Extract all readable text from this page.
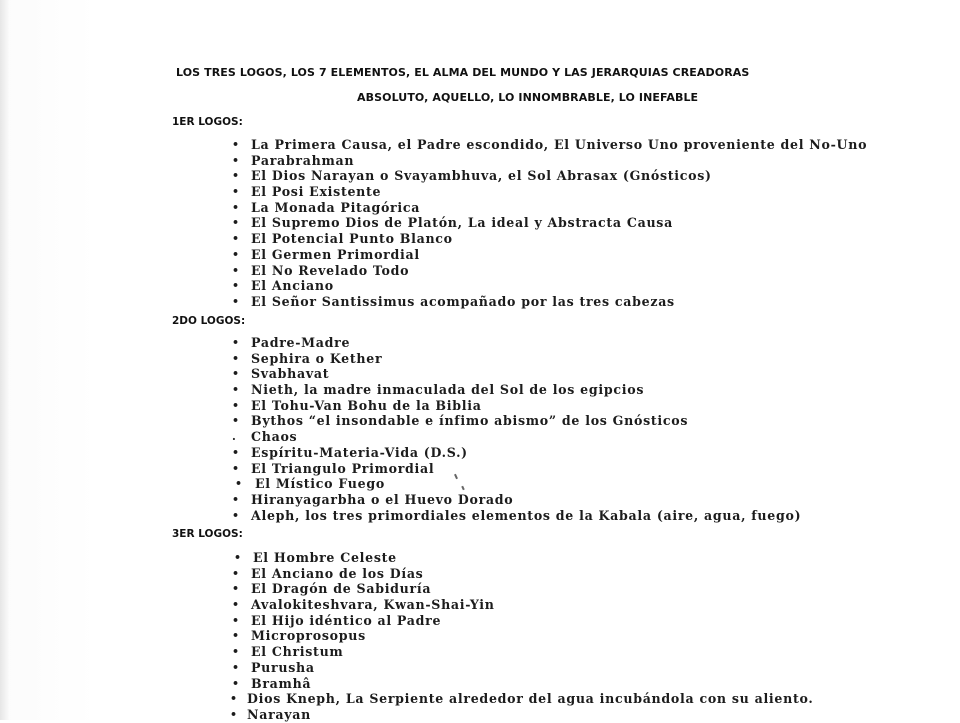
LOS TRES LOGOS, LOS 7 ELEMENTOS, EL ALMA DEL MUNDO Y LAS JERARQUIAS CREADORAS
ABSOLUTO, AQUELLO, LO INNOMBRABLE, LO INEFABLE
1ER LOGOS:
• La Primera Causa, el Padre escondido, El Universo Uno proveniente del No-Uno
• Parabrahman
• El Dios Narayan o Svayambhuva, el Sol Abrasax (Gnósticos)
• El Posi Existente
• La Monada Pitagórica
• El Supremo Dios de Platón, La ideal y Abstracta Causa
• El Potencial Punto Blanco
• El Germen Primordial
• El No Revelado Todo
• El Anciano
• El Señor Santissimus acompañado por las tres cabezas
2DO LOGOS:
• Padre-Madre
• Sephira o Kether
• Svabhavat
• Nieth, la madre inmaculada del Sol de los egipcios
• El Tohu-Van Bohu de la Biblia
• Bythos “el insondable e ínfimo abismo” de los Gnósticos
.	Chaos
• Espíritu-Materia-Vida (D.S.)
• El Triangulo Primordial
• El Místico Fuego
• Hiranyagarbha o el Huevo Dorado
• Aleph, los tres primordiales elementos de la Kabala (aire, agua, fuego)
3ER LOGOS:
• El Hombre Celeste
• El Anciano de los Días
• El Dragón de Sabiduría
• Avalokiteshvara, Kwan-Shai-Yin
• El Hijo idéntico al Padre
• Microprosopus
• El Christum
• Purusha
• Bramhâ
• Dios Kneph, La Serpiente alrededor del agua incubándola con su aliento.
• Narayan
